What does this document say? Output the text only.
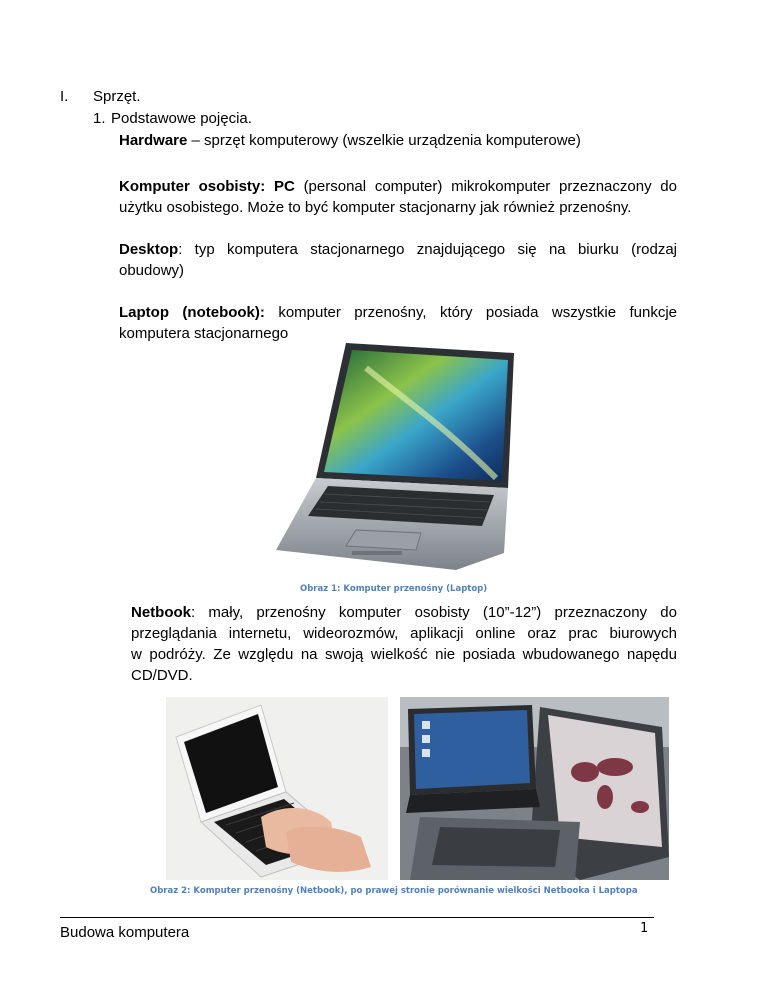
I. Sprzęt.
1. Podstawowe pojęcia.
Hardware – sprzęt komputerowy (wszelkie urządzenia komputerowe)
Komputer osobisty: PC (personal computer) mikrokomputer przeznaczony do
użytku osobistego. Może to być komputer stacjonarny jak również przenośny.
Desktop: typ komputera stacjonarnego znajdującego się na biurku (rodzaj
obudowy)
Laptop (notebook): komputer przenośny, który posiada wszystkie funkcje
komputera stacjonarnego
Obraz 1: Komputer przenośny (Laptop)
Netbook: mały, przenośny komputer osobisty (10”-12”) przeznaczony do
przeglądania internetu, wideorozmów, aplikacji online oraz prac biurowych
w podróży. Ze względu na swoją wielkość nie posiada wbudowanego napędu
CD/DVD.
Obraz 2: Komputer przenośny (Netbook), po prawej stronie porównanie wielkości Netbooka i Laptopa
Budowa komputera	1
